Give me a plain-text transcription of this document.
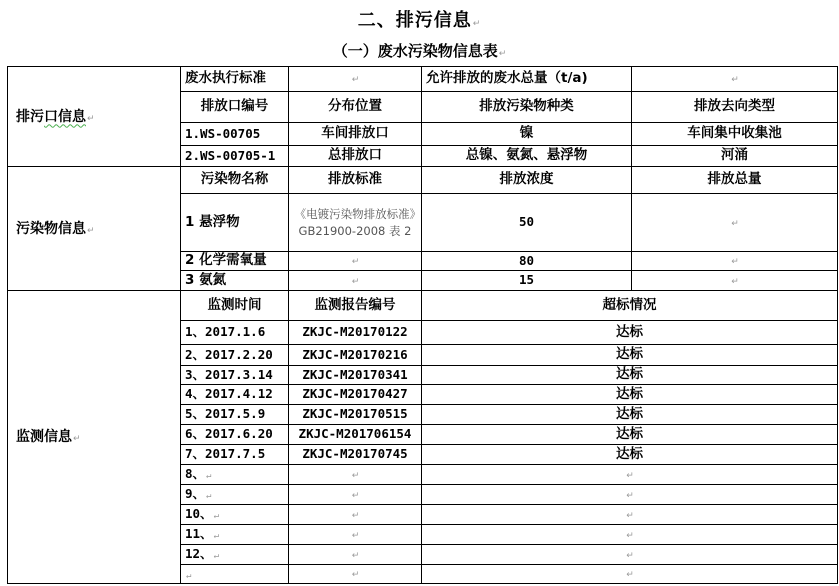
二、排污信息↵
（一）废水污染物信息表↵
排污口信息↵	废水执行标准	↵	允许排放的废水总量（t/a)	↵
	排放口编号	分布位置	排放污染物种类	排放去向类型
	1.WS-00705	车间排放口	镍	车间集中收集池
	2.WS-00705-1	总排放口	总镍、氨氮、悬浮物	河涌
污染物信息↵	污染物名称	排放标准	排放浓度	排放总量
	1 悬浮物	《电镀污染物排放标准》GB21900-2008 表 2	50	↵
	2 化学需氧量	↵	80	↵
	3 氨氮	↵	15	↵
监测信息↵	监测时间	监测报告编号	超标情况	
	1、2017.1.6	ZKJC-M20170122	达标	
	2、2017.2.20	ZKJC-M20170216	达标	
	3、2017.3.14	ZKJC-M20170341	达标	
	4、2017.4.12	ZKJC-M20170427	达标	
	5、2017.5.9	ZKJC-M20170515	达标	
	6、2017.6.20	ZKJC-M201706154	达标	
	7、2017.7.5	ZKJC-M20170745	达标	
	8、↵	↵	↵	
	9、↵	↵	↵	
	10、↵	↵	↵	
	11、↵	↵	↵	
	12、↵	↵	↵	
	↵	↵	↵	
